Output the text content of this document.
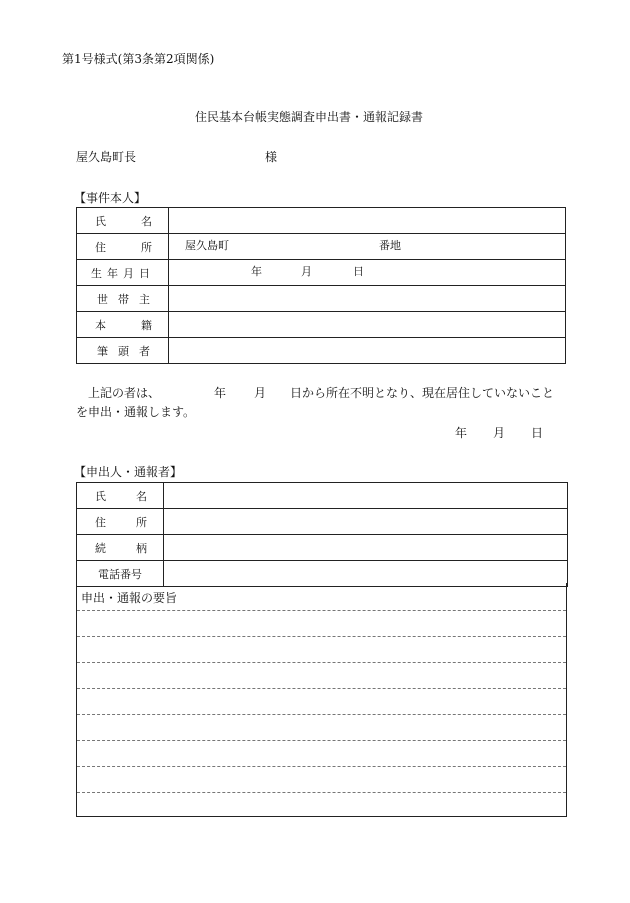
第1号様式(第3条第2項関係)
住民基本台帳実態調査申出書・通報記録書
屋久島町長	様
【事件本人】
氏 名	

住 所	屋久島町 番地

生 年 月 日	年 月 日

世 帯 主	

本 籍	

筆 頭 者	

上記の者は、	年 月 日から所在不明となり、現在居住していないこと
を申出・通報します。
年 月 日
【申出人・通報者】
氏 名	

住 所	

続 柄	

電話番号	
申出・通報の要旨
